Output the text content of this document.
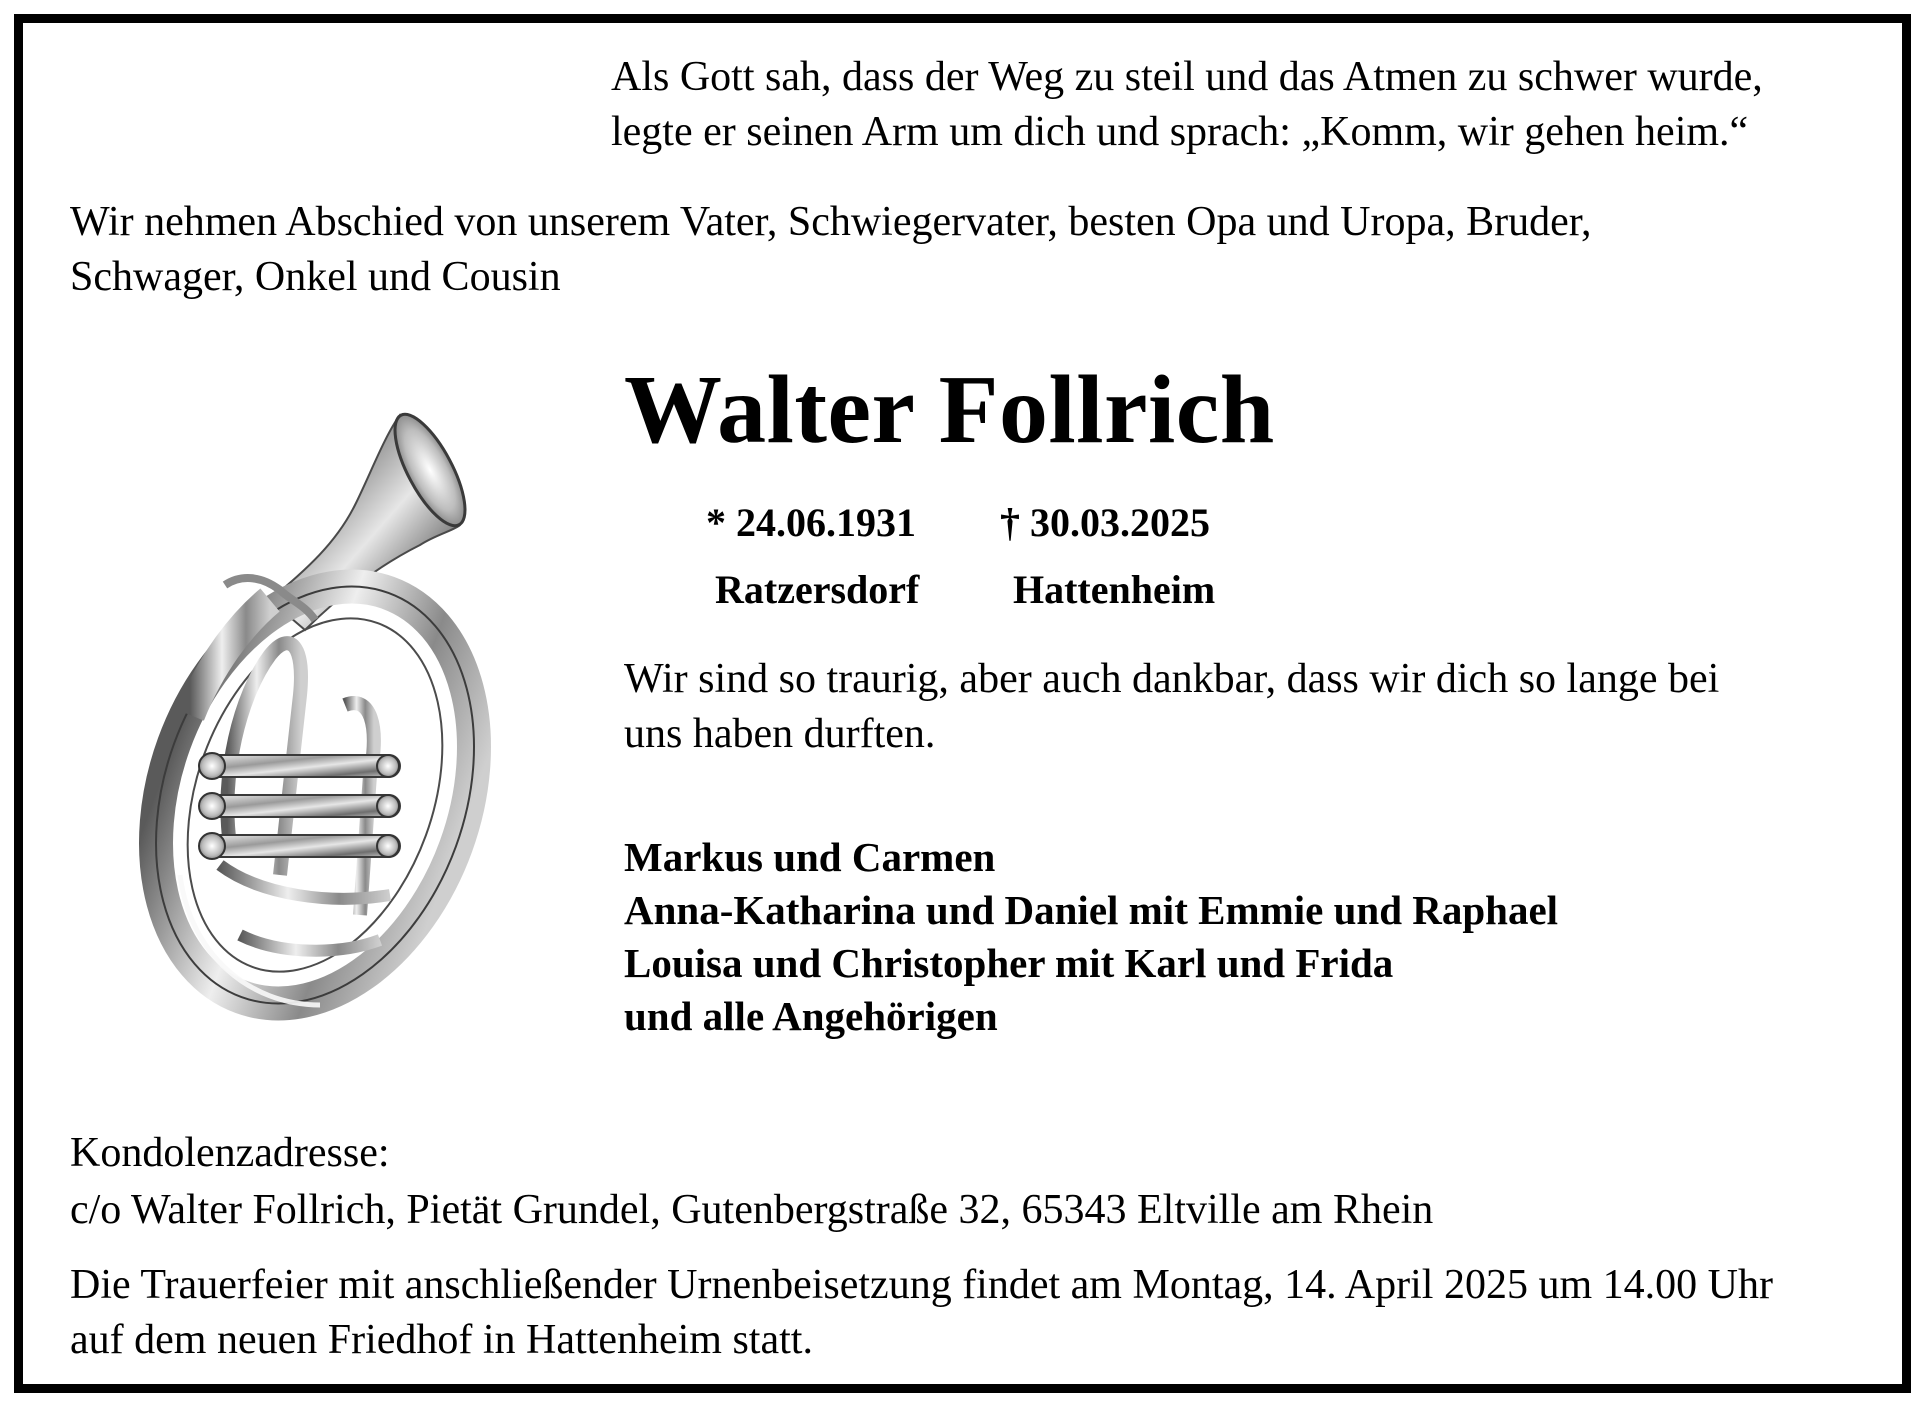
Als Gott sah, dass der Weg zu steil und das Atmen zu schwer wurde,
legte er seinen Arm um dich und sprach: „Komm, wir gehen heim.“
Wir nehmen Abschied von unserem Vater, Schwiegervater, besten Opa und Uropa, Bruder,
Schwager, Onkel und Cousin
Walter Follrich
* 24.06.1931 † 30.03.2025
Ratzersdorf Hattenheim
Wir sind so traurig, aber auch dankbar, dass wir dich so lange bei
uns haben durften.
Markus und Carmen
Anna-Katharina und Daniel mit Emmie und Raphael
Louisa und Christopher mit Karl und Frida
und alle Angehörigen
Kondolenzadresse:
c/o Walter Follrich, Pietät Grundel, Gutenbergstraße 32, 65343 Eltville am Rhein
Die Trauerfeier mit anschließender Urnenbeisetzung findet am Montag, 14. April 2025 um 14.00 Uhr
auf dem neuen Friedhof in Hattenheim statt.
